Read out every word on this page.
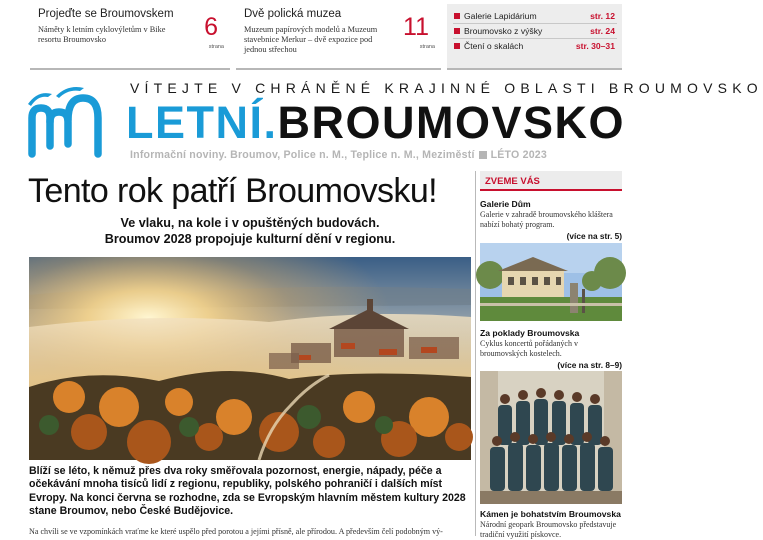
Projeďte se Broumovskem
Náměty k letním cyklovýletům v Bike resortu Broumovsko	6
strana
Dvě polická muzea
Muzeum papírových modelů a Muzeum stavebnice Merkur – dvě expozice pod jednou střechou
11
strana
Galerie Lapidárium	str. 12
Broumovsko z výšky	str. 24
Čtení o skalách	str. 30–31
VÍTEJTE V CHRÁNĚNÉ KRAJINNÉ OBLASTI BROUMOVSKO
LETNÍ.BROUMOVSKO
Informační noviny. Broumov, Police n. M., Teplice n. M., Meziměstí LÉTO 2023
Tento rok patří Broumovsku!
Ve vlaku, na kole i v opuštěných budovách.
Broumov 2028 propojuje kulturní dění v regionu.
Blíží se léto, k němuž přes dva roky směřovala pozornost, energie, nápady, péče a očekávání mnoha tisíců lidí z regionu, republiky, polského pohraničí i dalších míst Evropy. Na konci června se rozhodne, zda se Evropským hlavním městem kultury 2028 stane Broumov, nebo České Budějovice.
Na chvíli se ve vzpomínkách vraťme ke které uspělo před porotou a jejími přísně, ale přírodou. A především čelí podobným vý-
ZVEME VÁS
Galerie Dům
Galerie v zahradě broumovského kláštera nabízí bohatý program.
(více na str. 5)
Za poklady Broumovska
Cyklus koncertů pořádaných v broumovských kostelech.
(více na str. 8–9)
Kámen je bohatstvím Broumovska
Národní geopark Broumovsko představuje tradiční využití pískovce.
